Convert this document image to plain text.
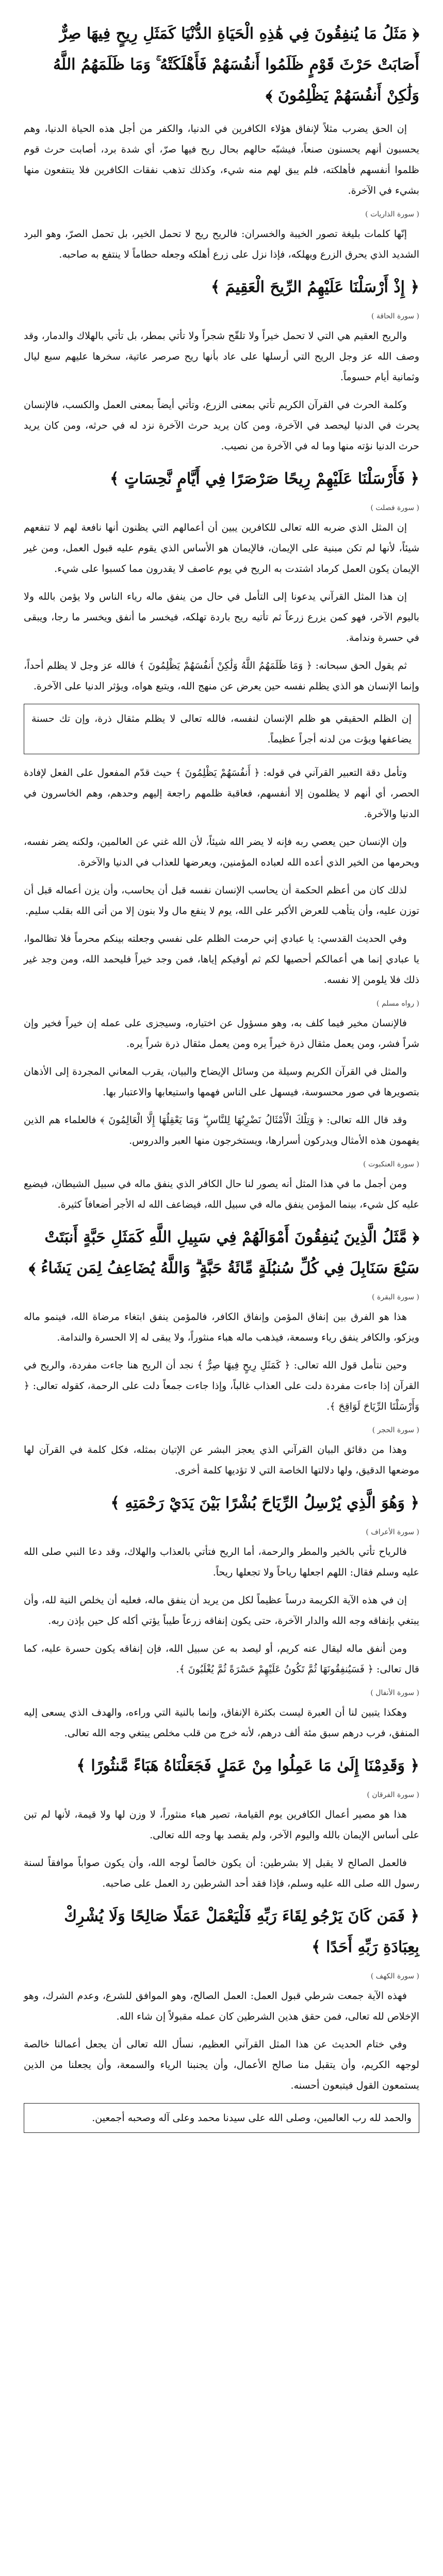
﴿ مَثَلُ مَا يُنفِقُونَ فِي هَٰذِهِ الْحَيَاةِ الدُّنْيَا كَمَثَلِ رِيحٍ فِيهَا صِرٌّ أَصَابَتْ حَرْثَ قَوْمٍ ظَلَمُوا أَنفُسَهُمْ فَأَهْلَكَتْهُ ۚ وَمَا ظَلَمَهُمُ اللَّهُ وَلَٰكِنْ أَنفُسَهُمْ يَظْلِمُونَ ﴾
إن الحق يضرب مثلاً لإنفاق هؤلاء الكافرين في الدنيا، والكفر من أجل هذه الحياة الدنيا، وهم يحسبون أنهم يحسنون صنعاً، فيشبّه حالهم بحال ريح فيها صرّ، أي شدة برد، أصابت حرث قوم ظلموا أنفسهم فأهلكته، فلم يبق لهم منه شيء، وكذلك تذهب نفقات الكافرين فلا ينتفعون منها بشيء في الآخرة.
( سورة الذاريات )
إنّها كلمات بليغة تصور الخيبة والخسران: فالريح ريح لا تحمل الخير، بل تحمل الصرّ، وهو البرد الشديد الذي يحرق الزرع ويهلكه، فإذا نزل على زرع أهلكه وجعله حطاماً لا ينتفع به صاحبه.
﴿ إِذْ أَرْسَلْنَا عَلَيْهِمُ الرِّيحَ الْعَقِيمَ ﴾
( سورة الحاقة )
والريح العقيم هي التي لا تحمل خيراً ولا تلقّح شجراً ولا تأتي بمطر، بل تأتي بالهلاك والدمار، وقد وصف الله عز وجل الريح التي أرسلها على عاد بأنها ريح صرصر عاتية، سخرها عليهم سبع ليال وثمانية أيام حسوماً.
وكلمة الحرث في القرآن الكريم تأتي بمعنى الزرع، وتأتي أيضاً بمعنى العمل والكسب، فالإنسان يحرث في الدنيا ليحصد في الآخرة، ومن كان يريد حرث الآخرة نزد له في حرثه، ومن كان يريد حرث الدنيا نؤته منها وما له في الآخرة من نصيب.
﴿ فَأَرْسَلْنَا عَلَيْهِمْ رِيحًا صَرْصَرًا فِي أَيَّامٍ نَّحِسَاتٍ ﴾
( سورة فصلت )
إن المثل الذي ضربه الله تعالى للكافرين يبين أن أعمالهم التي يظنون أنها نافعة لهم لا تنفعهم شيئاً، لأنها لم تكن مبنية على الإيمان، فالإيمان هو الأساس الذي يقوم عليه قبول العمل، ومن غير الإيمان يكون العمل كرماد اشتدت به الريح في يوم عاصف لا يقدرون مما كسبوا على شيء.
إن هذا المثل القرآني يدعونا إلى التأمل في حال من ينفق ماله رياء الناس ولا يؤمن بالله ولا باليوم الآخر، فهو كمن يزرع زرعاً ثم تأتيه ريح باردة تهلكه، فيخسر ما أنفق ويخسر ما رجا، ويبقى في حسرة وندامة.
ثم يقول الحق سبحانه: ﴿ وَمَا ظَلَمَهُمُ اللَّهُ وَلَٰكِنْ أَنفُسَهُمْ يَظْلِمُونَ ﴾ فالله عز وجل لا يظلم أحداً، وإنما الإنسان هو الذي يظلم نفسه حين يعرض عن منهج الله، ويتبع هواه، ويؤثر الدنيا على الآخرة.
إن الظلم الحقيقي هو ظلم الإنسان لنفسه، فالله تعالى لا يظلم مثقال ذرة، وإن تك حسنة يضاعفها ويؤت من لدنه أجراً عظيماً.
وتأمل دقة التعبير القرآني في قوله: ﴿ أَنفُسَهُمْ يَظْلِمُونَ ﴾ حيث قدّم المفعول على الفعل لإفادة الحصر، أي أنهم لا يظلمون إلا أنفسهم، فعاقبة ظلمهم راجعة إليهم وحدهم، وهم الخاسرون في الدنيا والآخرة.
وإن الإنسان حين يعصي ربه فإنه لا يضر الله شيئاً، لأن الله غني عن العالمين، ولكنه يضر نفسه، ويحرمها من الخير الذي أعده الله لعباده المؤمنين، ويعرضها للعذاب في الدنيا والآخرة.
لذلك كان من أعظم الحكمة أن يحاسب الإنسان نفسه قبل أن يحاسب، وأن يزن أعماله قبل أن توزن عليه، وأن يتأهب للعرض الأكبر على الله، يوم لا ينفع مال ولا بنون إلا من أتى الله بقلب سليم.
وفي الحديث القدسي: يا عبادي إني حرمت الظلم على نفسي وجعلته بينكم محرماً فلا تظالموا، يا عبادي إنما هي أعمالكم أحصيها لكم ثم أوفيكم إياها، فمن وجد خيراً فليحمد الله، ومن وجد غير ذلك فلا يلومن إلا نفسه.
( رواه مسلم )
فالإنسان مخير فيما كلف به، وهو مسؤول عن اختياره، وسيجزى على عمله إن خيراً فخير وإن شراً فشر، ومن يعمل مثقال ذرة خيراً يره ومن يعمل مثقال ذرة شراً يره.
والمثل في القرآن الكريم وسيلة من وسائل الإيضاح والبيان، يقرب المعاني المجردة إلى الأذهان بتصويرها في صور محسوسة، فيسهل على الناس فهمها واستيعابها والاعتبار بها.
وقد قال الله تعالى: ﴿ وَتِلْكَ الْأَمْثَالُ نَضْرِبُهَا لِلنَّاسِ ۖ وَمَا يَعْقِلُهَا إِلَّا الْعَالِمُونَ ﴾ فالعلماء هم الذين يفهمون هذه الأمثال ويدركون أسرارها، ويستخرجون منها العبر والدروس.
( سورة العنكبوت )
ومن أجمل ما في هذا المثل أنه يصور لنا حال الكافر الذي ينفق ماله في سبيل الشيطان، فيضيع عليه كل شيء، بينما المؤمن ينفق ماله في سبيل الله، فيضاعف الله له الأجر أضعافاً كثيرة.
﴿ مَّثَلُ الَّذِينَ يُنفِقُونَ أَمْوَالَهُمْ فِي سَبِيلِ اللَّهِ كَمَثَلِ حَبَّةٍ أَنبَتَتْ سَبْعَ سَنَابِلَ فِي كُلِّ سُنبُلَةٍ مِّائَةُ حَبَّةٍ ۗ وَاللَّهُ يُضَاعِفُ لِمَن يَشَاءُ ﴾
( سورة البقرة )
هذا هو الفرق بين إنفاق المؤمن وإنفاق الكافر، فالمؤمن ينفق ابتغاء مرضاة الله، فينمو ماله ويزكو، والكافر ينفق رياء وسمعة، فيذهب ماله هباء منثوراً، ولا يبقى له إلا الحسرة والندامة.
وحين نتأمل قول الله تعالى: ﴿ كَمَثَلِ رِيحٍ فِيهَا صِرٌّ ﴾ نجد أن الريح هنا جاءت مفردة، والريح في القرآن إذا جاءت مفردة دلت على العذاب غالباً، وإذا جاءت جمعاً دلت على الرحمة، كقوله تعالى: ﴿ وَأَرْسَلْنَا الرِّيَاحَ لَوَاقِحَ ﴾.
( سورة الحجر )
وهذا من دقائق البيان القرآني الذي يعجز البشر عن الإتيان بمثله، فكل كلمة في القرآن لها موضعها الدقيق، ولها دلالتها الخاصة التي لا تؤديها كلمة أخرى.
﴿ وَهُوَ الَّذِي يُرْسِلُ الرِّيَاحَ بُشْرًا بَيْنَ يَدَيْ رَحْمَتِهِ ﴾
( سورة الأعراف )
فالرياح تأتي بالخير والمطر والرحمة، أما الريح فتأتي بالعذاب والهلاك، وقد دعا النبي صلى الله عليه وسلم فقال: اللهم اجعلها رياحاً ولا تجعلها ريحاً.
إن في هذه الآية الكريمة درساً عظيماً لكل من يريد أن ينفق ماله، فعليه أن يخلص النية لله، وأن يبتغي بإنفاقه وجه الله والدار الآخرة، حتى يكون إنفاقه زرعاً طيباً يؤتي أكله كل حين بإذن ربه.
ومن أنفق ماله ليقال عنه كريم، أو ليصد به عن سبيل الله، فإن إنفاقه يكون حسرة عليه، كما قال تعالى: ﴿ فَسَيُنفِقُونَهَا ثُمَّ تَكُونُ عَلَيْهِمْ حَسْرَةً ثُمَّ يُغْلَبُونَ ﴾.
( سورة الأنفال )
وهكذا يتبين لنا أن العبرة ليست بكثرة الإنفاق، وإنما بالنية التي وراءه، والهدف الذي يسعى إليه المنفق، فرب درهم سبق مئة ألف درهم، لأنه خرج من قلب مخلص يبتغي وجه الله تعالى.
﴿ وَقَدِمْنَا إِلَىٰ مَا عَمِلُوا مِنْ عَمَلٍ فَجَعَلْنَاهُ هَبَاءً مَّنثُورًا ﴾
( سورة الفرقان )
هذا هو مصير أعمال الكافرين يوم القيامة، تصير هباء منثوراً، لا وزن لها ولا قيمة، لأنها لم تبن على أساس الإيمان بالله واليوم الآخر، ولم يقصد بها وجه الله تعالى.
فالعمل الصالح لا يقبل إلا بشرطين: أن يكون خالصاً لوجه الله، وأن يكون صواباً موافقاً لسنة رسول الله صلى الله عليه وسلم، فإذا فقد أحد الشرطين رد العمل على صاحبه.
﴿ فَمَن كَانَ يَرْجُو لِقَاءَ رَبِّهِ فَلْيَعْمَلْ عَمَلًا صَالِحًا وَلَا يُشْرِكْ بِعِبَادَةِ رَبِّهِ أَحَدًا ﴾
( سورة الكهف )
فهذه الآية جمعت شرطي قبول العمل: العمل الصالح، وهو الموافق للشرع، وعدم الشرك، وهو الإخلاص لله تعالى، فمن حقق هذين الشرطين كان عمله مقبولاً إن شاء الله.
وفي ختام الحديث عن هذا المثل القرآني العظيم، نسأل الله تعالى أن يجعل أعمالنا خالصة لوجهه الكريم، وأن يتقبل منا صالح الأعمال، وأن يجنبنا الرياء والسمعة، وأن يجعلنا من الذين يستمعون القول فيتبعون أحسنه.
والحمد لله رب العالمين، وصلى الله على سيدنا محمد وعلى آله وصحبه أجمعين.
